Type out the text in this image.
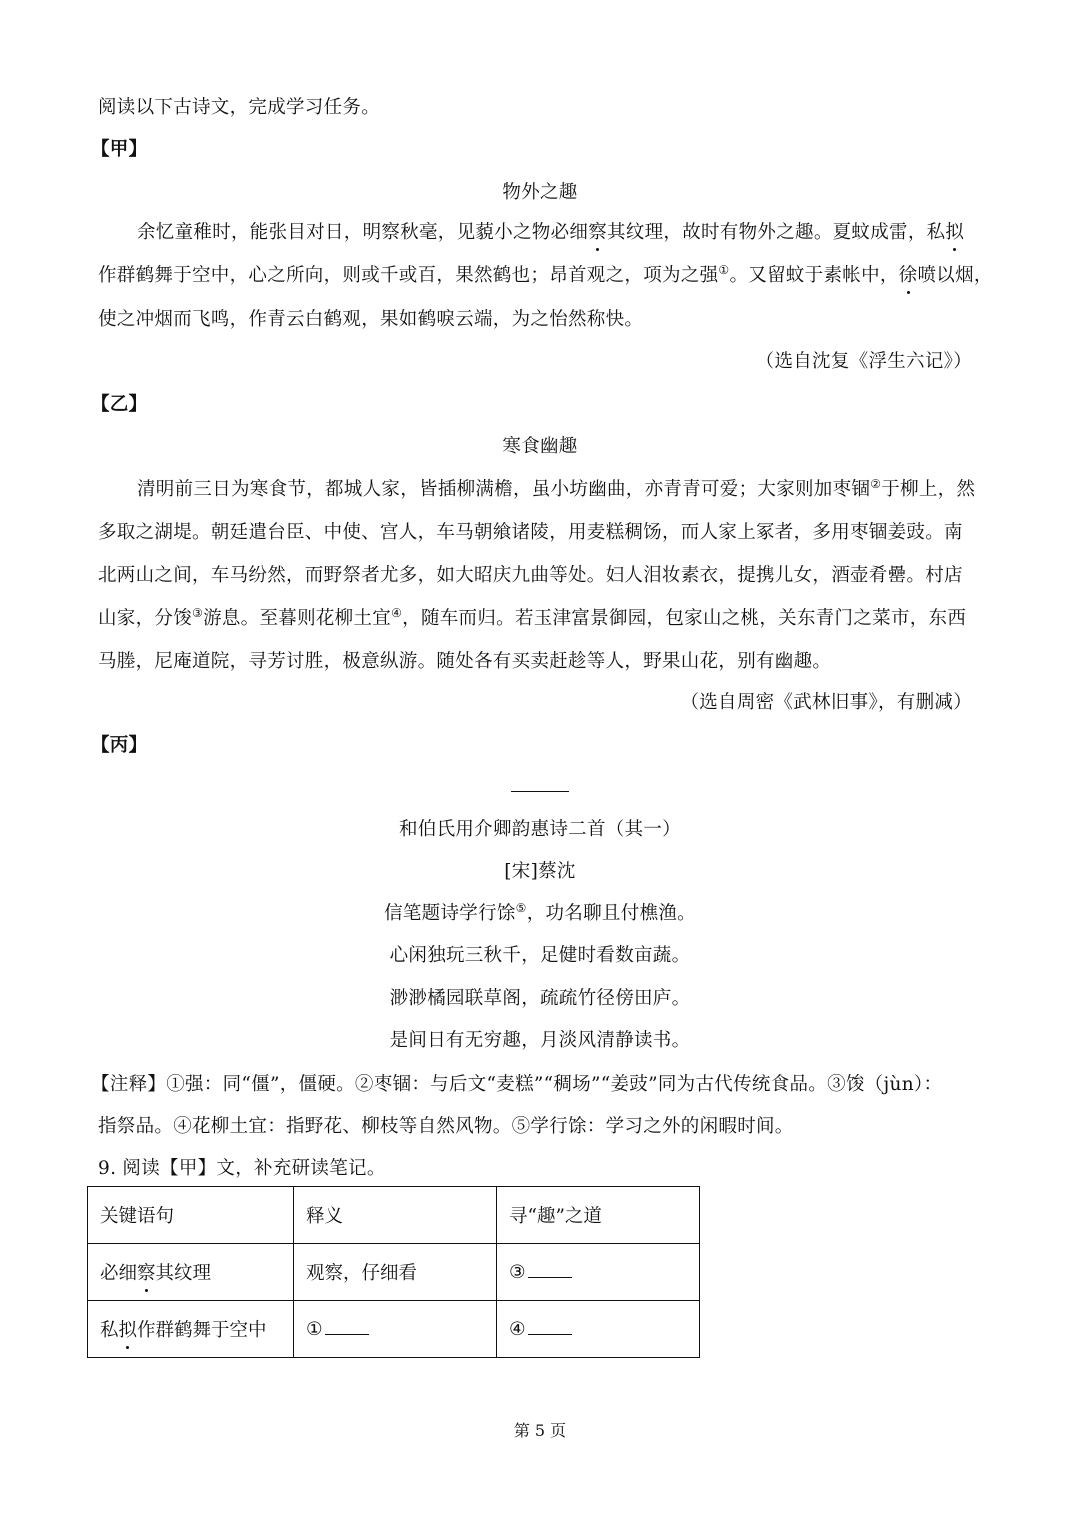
阅读以下古诗文，完成学习任务。
【甲】
物外之趣
余忆童稚时，能张目对日，明察秋毫，见藐小之物必细察其纹理，故时有物外之趣。夏蚊成雷，私拟
作群鹤舞于空中，心之所向，则或千或百，果然鹤也；昂首观之，项为之强①。又留蚊于素帐中，徐喷以烟，
使之冲烟而飞鸣，作青云白鹤观，果如鹤唳云端，为之怡然称快。
（选自沈复《浮生六记》）
【乙】
寒食幽趣
清明前三日为寒食节，都城人家，皆插柳满檐，虽小坊幽曲，亦青青可爱；大家则加枣锢②于柳上，然
多取之湖堤。朝廷遣台臣、中使、宫人，车马朝飨诸陵，用麦糕稠饧，而人家上冢者，多用枣锢姜豉。南
北两山之间，车马纷然，而野祭者尤多，如大昭庆九曲等处。妇人泪妆素衣，提携儿女，酒壶肴罍。村店
山家，分馂③游息。至暮则花柳土宜④，随车而归。若玉津富景御园，包家山之桃，关东青门之菜市，东西
马塍，尼庵道院，寻芳讨胜，极意纵游。随处各有买卖赶趁等人，野果山花，别有幽趣。
（选自周密《武林旧事》，有删减）
【丙】
和伯氏用介卿韵惠诗二首（其一）
[宋]蔡沈
信笔题诗学行馀⑤，功名聊且付樵渔。
心闲独玩三秋千，足健时看数亩蔬。
渺渺橘园联草阁，疏疏竹径傍田庐。
是间日有无穷趣，月淡风清静读书。
【注释】①强：同“僵”，僵硬。②枣锢：与后文“麦糕”“稠场”“姜豉”同为古代传统食品。③馂（jùn）：
指祭品。④花柳土宜：指野花、柳枝等自然风物。⑤学行馀：学习之外的闲暇时间。
9. 阅读【甲】文，补充研读笔记。
关键语句	释义	寻“趣”之道
必细察其纹理	观察，仔细看	③
私拟作群鹤舞于空中	①	④
第 5 页
